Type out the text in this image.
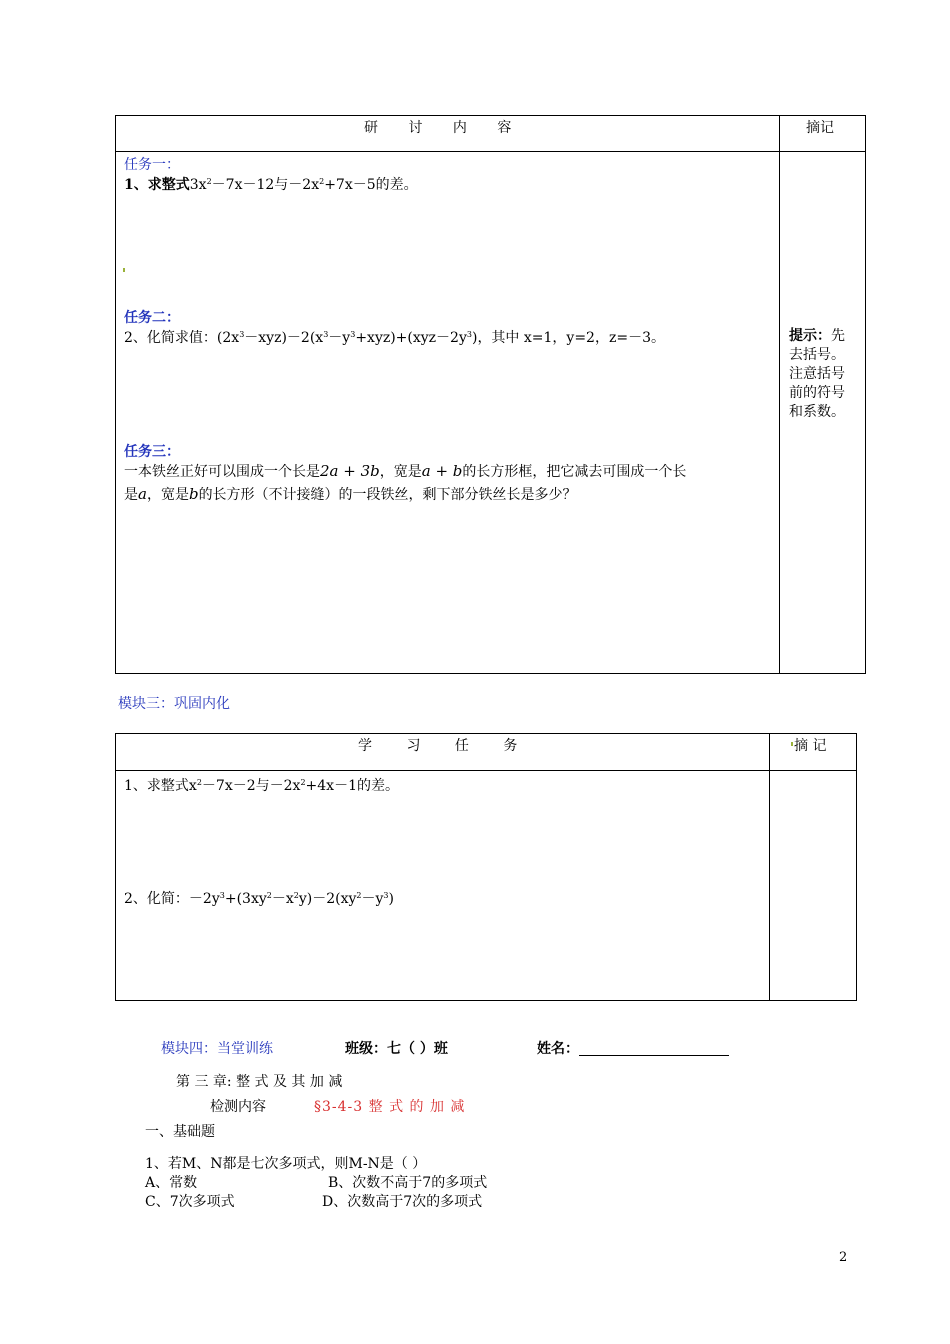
研 讨 内 容	摘记
任务一：
1、求整式$3x^2-7x-12$与$-2x^2+7x-5$的差。
任务二：
2、化简求值：$(2x^3-xyz)-2(x^3-y^3+xyz)+(xyz-2y^3)$，其中 x=1，y=2，z=－3。	提示：先
去括号。
注意括号
前的符号
和系数。
任务三：
一本铁丝正好可以围成一个长是2a + 3b，宽是a + b的长方形框，把它减去可围成一个长
是a，宽是b的长方形（不计接缝）的一段铁丝，剩下部分铁丝长是多少？
模块三：巩固内化
学 习 任 务	摘 记
1、求整式$x^2-7x-2$与$-2x^2+4x-1$的差。
2、化简：$-2y^3+(3xy^2-x^2y)-2(xy^2-y^3)$
模块四：当堂训练	班级：七（ ）班	姓名：
第 三 章: 整 式 及 其 加 减
检测内容	§3-4-3 整 式 的 加 减
一、基础题
1、若M、N都是七次多项式，则M-N是（ ）
A、常数	B、次数不高于7的多项式
C、7次多项式	D、次数高于7次的多项式
2
